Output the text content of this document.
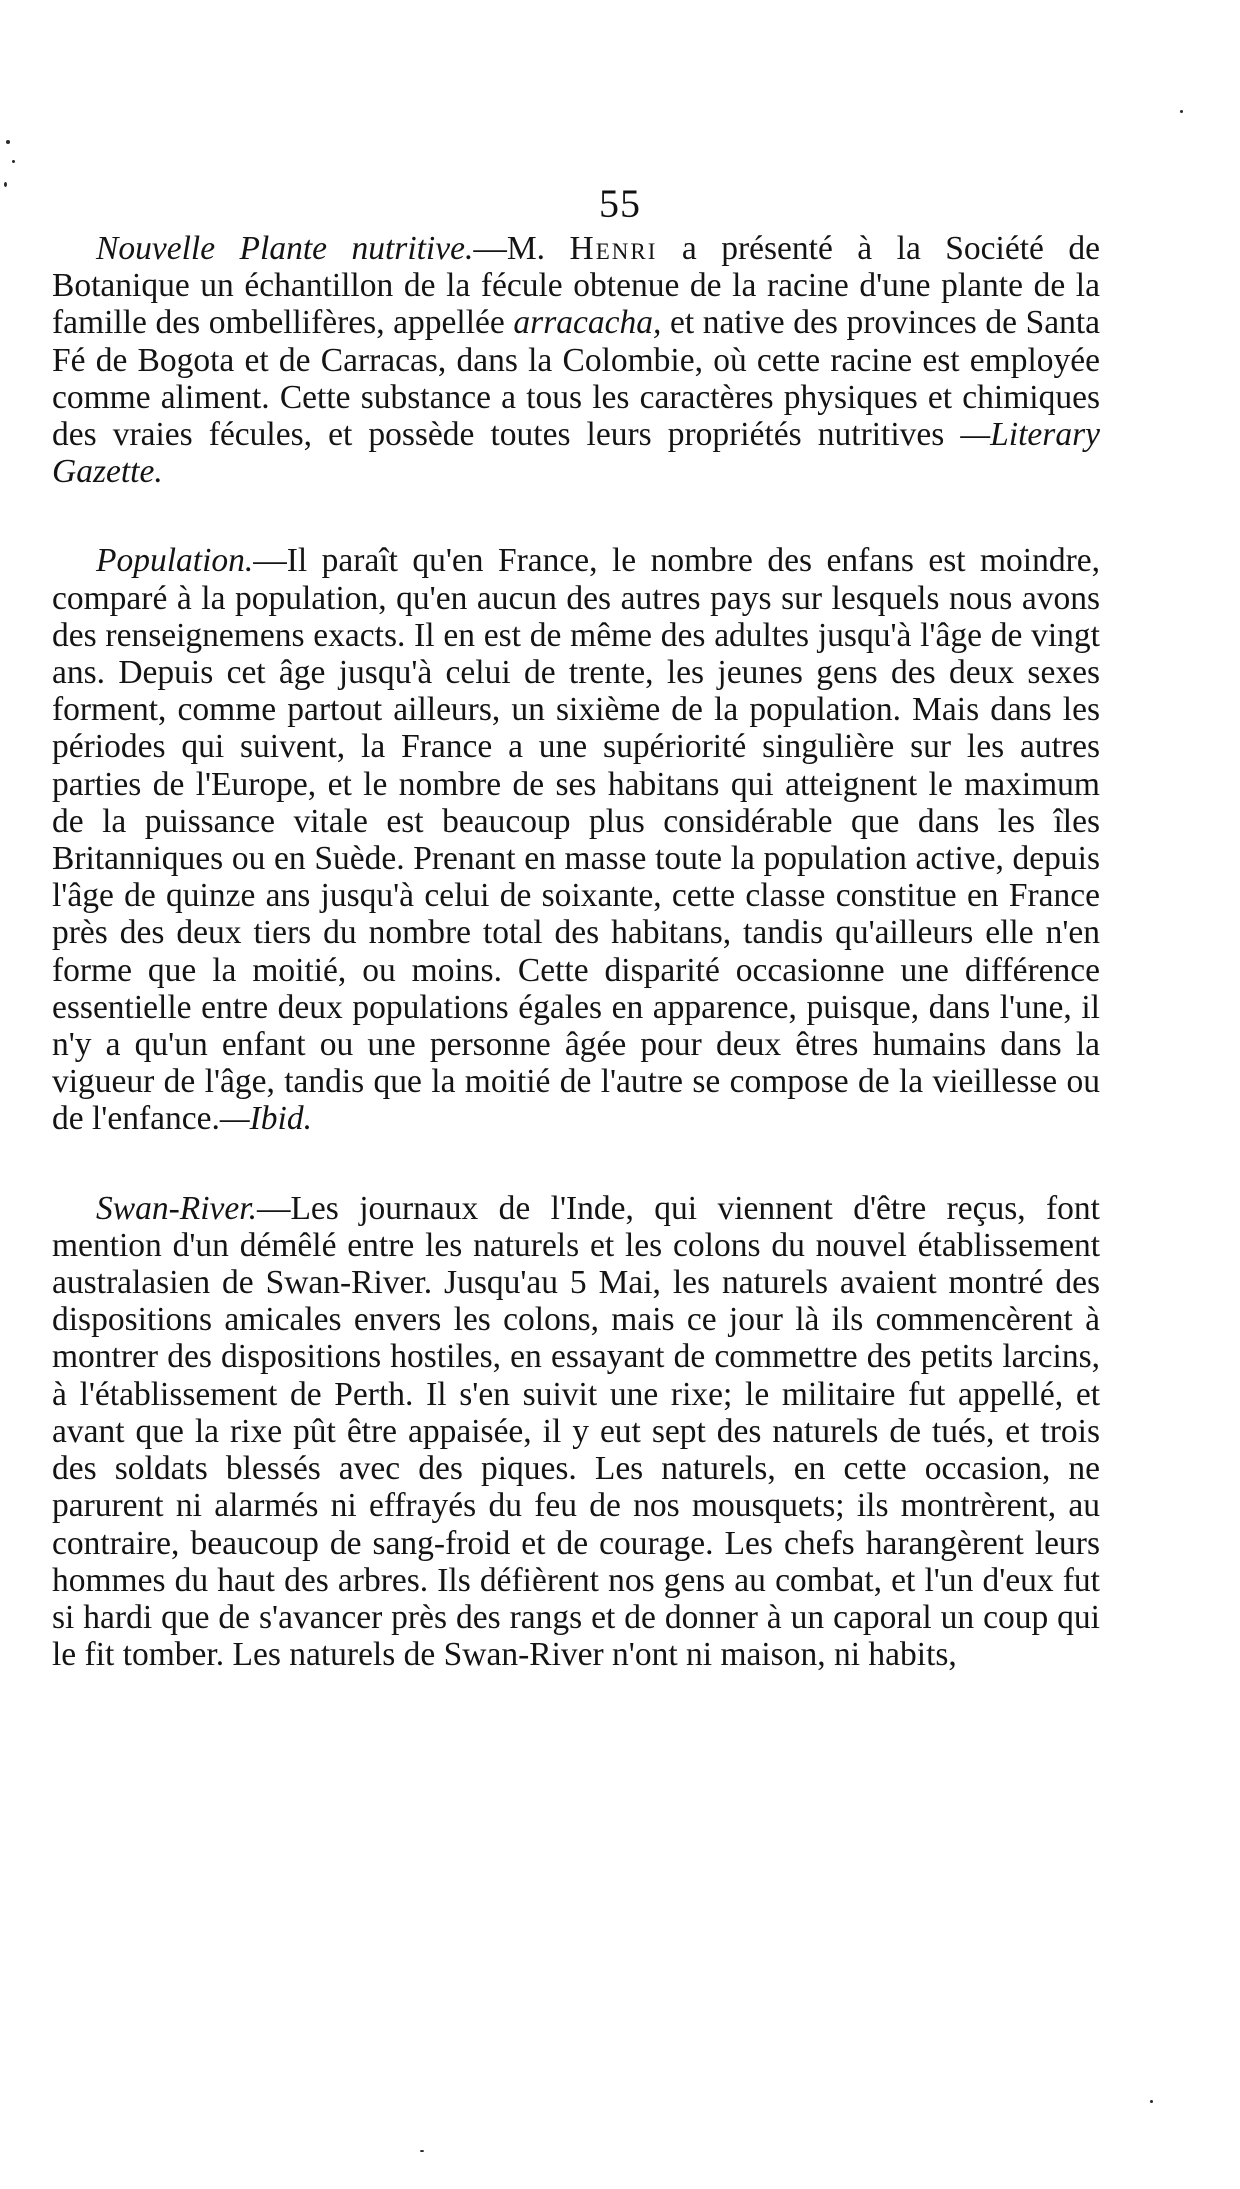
55

Nouvelle Plante nutritive.—M. Henri a présenté à la Société de Botanique un échantillon de la fécule obtenue de la racine d'une plante de la famille des ombellifères, appellée arracacha, et native des provinces de Santa Fé de Bogota et de Carracas, dans la Colombie, où cette racine est employée comme aliment. Cette substance a tous les caractères physiques et chimiques des vraies fécules, et possède toutes leurs propriétés nutritives —Literary Gazette.

Population.—Il paraît qu'en France, le nombre des enfans est moindre, comparé à la population, qu'en aucun des autres pays sur lesquels nous avons des renseignemens exacts. Il en est de même des adultes jusqu'à l'âge de vingt ans. Depuis cet âge jusqu'à celui de trente, les jeunes gens des deux sexes forment, comme partout ailleurs, un sixième de la population. Mais dans les périodes qui suivent, la France a une supériorité singulière sur les autres parties de l'Europe, et le nombre de ses habitans qui atteignent le maximum de la puissance vitale est beaucoup plus considérable que dans les îles Britanniques ou en Suède. Prenant en masse toute la population active, depuis l'âge de quinze ans jusqu'à celui de soixante, cette classe constitue en France près des deux tiers du nombre total des habitans, tandis qu'ailleurs elle n'en forme que la moitié, ou moins. Cette disparité occasionne une différence essentielle entre deux populations égales en apparence, puisque, dans l'une, il n'y a qu'un enfant ou une personne âgée pour deux êtres humains dans la vigueur de l'âge, tandis que la moitié de l'autre se compose de la vieillesse ou de l'enfance.—Ibid.

Swan-River.—Les journaux de l'Inde, qui viennent d'être reçus, font mention d'un démêlé entre les naturels et les colons du nouvel établissement australasien de Swan-River. Jusqu'au 5 Mai, les naturels avaient montré des dispositions amicales envers les colons, mais ce jour là ils commencèrent à montrer des dispositions hostiles, en essayant de commettre des petits larcins, à l'établissement de Perth. Il s'en suivit une rixe; le militaire fut appellé, et avant que la rixe pût être appaisée, il y eut sept des naturels de tués, et trois des soldats blessés avec des piques. Les naturels, en cette occasion, ne parurent ni alarmés ni effrayés du feu de nos mousquets; ils montrèrent, au contraire, beaucoup de sang-froid et de courage. Les chefs harangèrent leurs hommes du haut des arbres. Ils défièrent nos gens au combat, et l'un d'eux fut si hardi que de s'avancer près des rangs et de donner à un caporal un coup qui le fit tomber. Les naturels de Swan-River n'ont ni maison, ni habits,
